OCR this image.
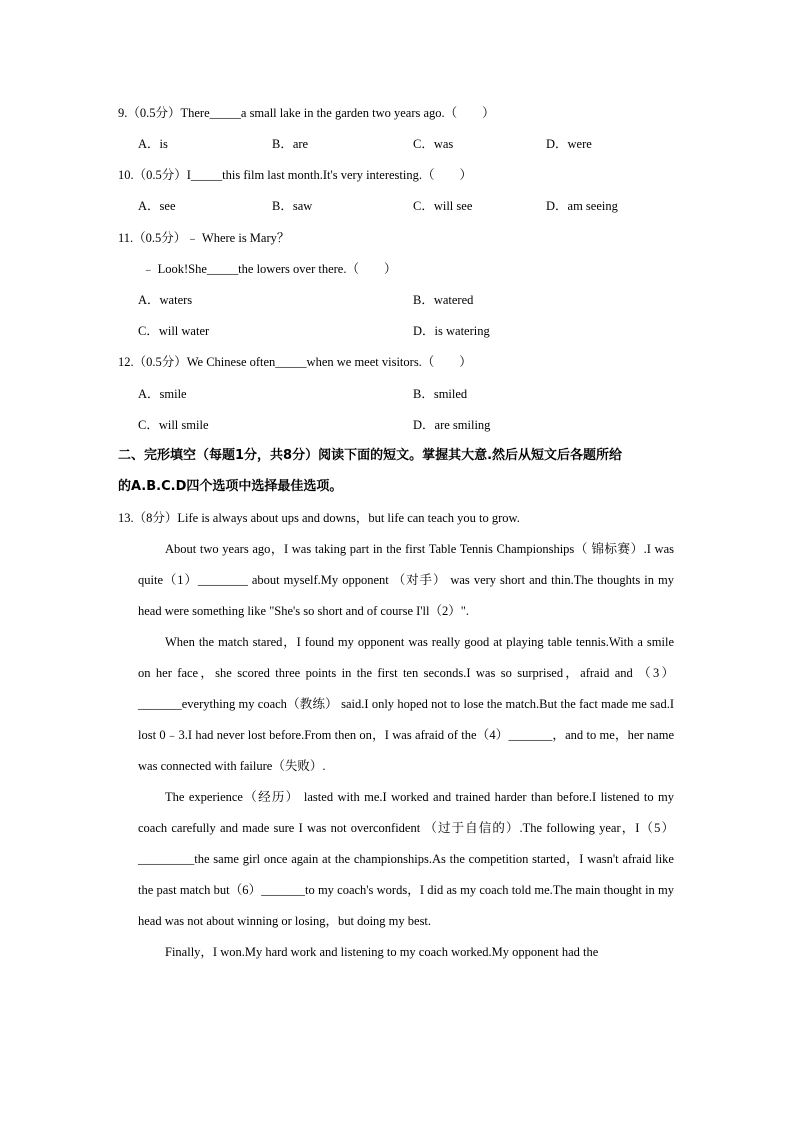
9.（0.5分）There_____a small lake in the garden two years ago.（　　）
A．is	B．are	C．was	D．were
10.（0.5分）I_____this film last month.It's very interesting.（　　）
A．see	B．saw	C．will see	D．am seeing
11.（0.5分）﹣ Where is Mary？
﹣ Look!She_____the lowers over there.（　　）
A．waters	B．watered
C．will water	D．is watering
12.（0.5分）We Chinese often_____when we meet visitors.（　　）
A．smile	B．smiled
C．will smile	D．are smiling
二、完形填空（每题1分，共8分）阅读下面的短文。掌握其大意.然后从短文后各题所给
的A.B.C.D四个选项中选择最佳选项。
13.（8分）Life is always about ups and downs，but life can teach you to grow.

About two years ago，I was taking part in the first Table Tennis Championships（ 锦标赛）.I was quite（1）________ about myself.My opponent （对手） was very short and thin.The thoughts in my head were something like "She's so short and of course I'll（2）".

When the match stared，I found my opponent was really good at playing table tennis.With a smile on her face，she scored three points in the first ten seconds.I was so surprised，afraid and （3）_______everything my coach（教练） said.I only hoped not to lose the match.But the fact made me sad.I lost 0﹣3.I had never lost before.From then on，I was afraid of the（4）_______，and to me，her name was connected with failure（失败）.

The experience（经历） lasted with me.I worked and trained harder than before.I listened to my coach carefully and made sure I was not overconfident （过于自信的）.The following year，I（5）_________the same girl once again at the championships.As the competition started，I wasn't afraid like the past match but（6）_______to my coach's words，I did as my coach told me.The main thought in my head was not about winning or losing，but doing my best.

Finally，I won.My hard work and listening to my coach worked.My opponent had the
